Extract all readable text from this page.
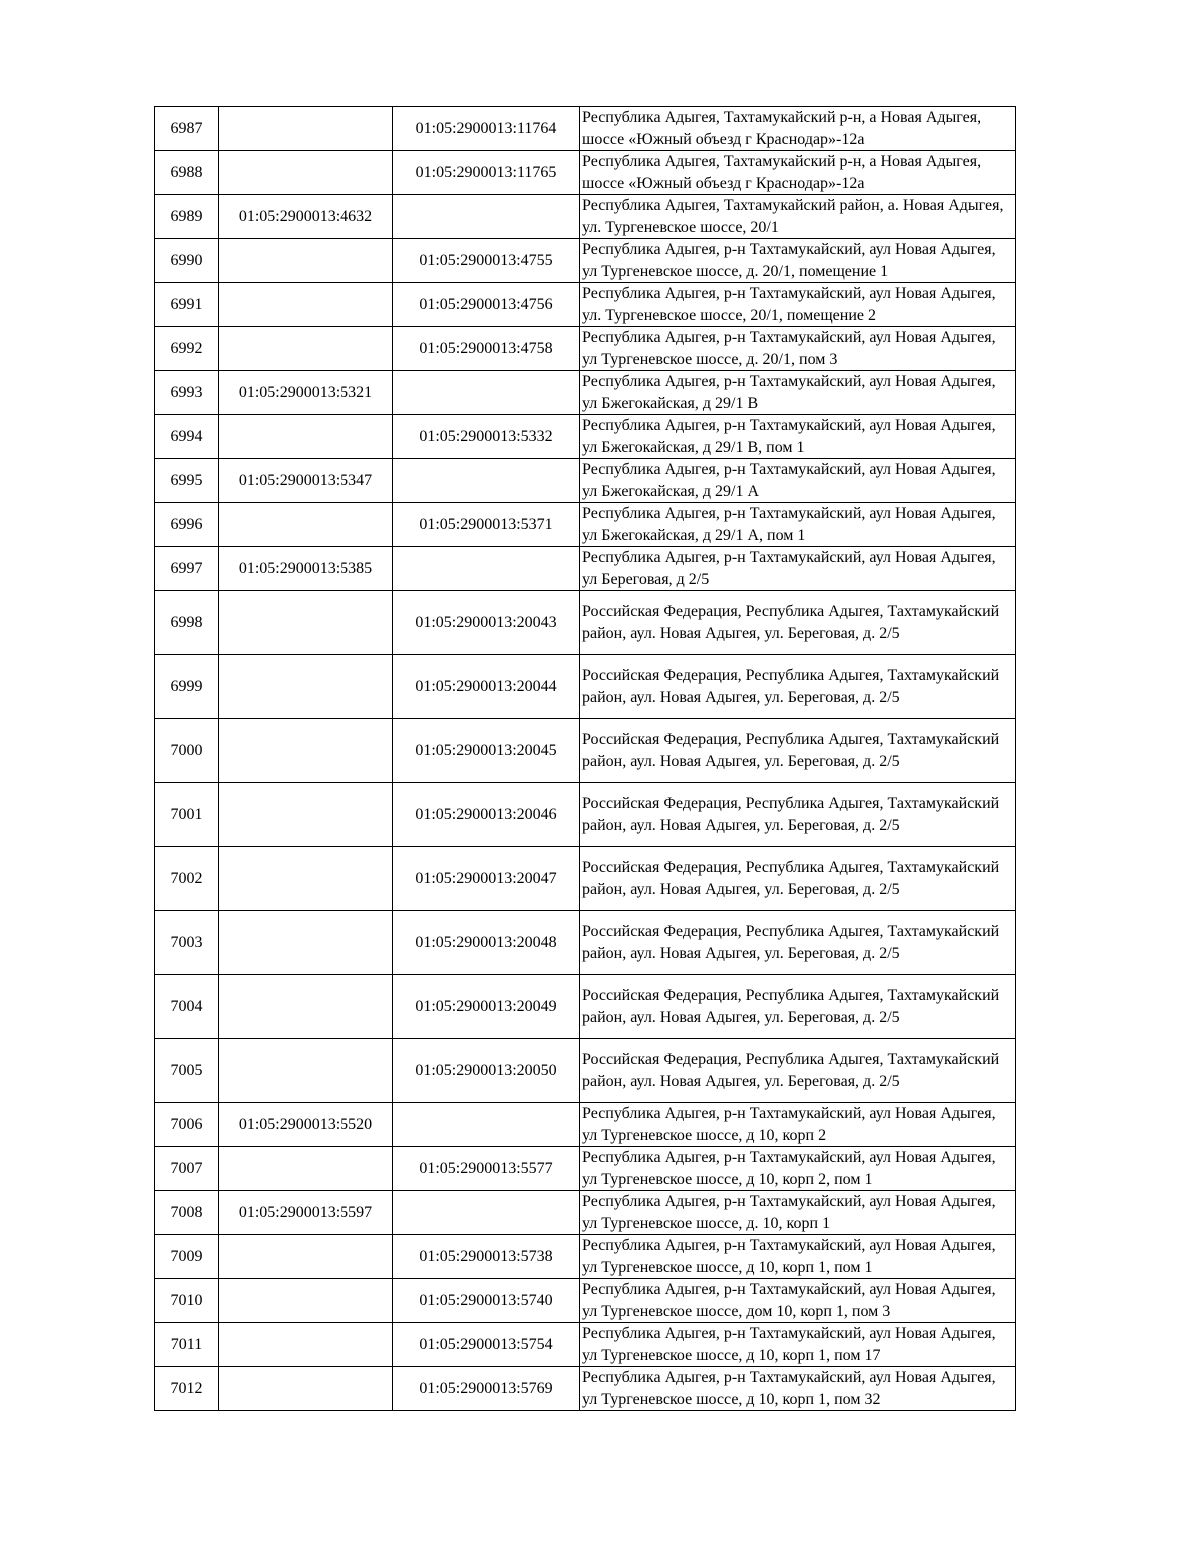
6987		01:05:2900013:11764	Республика Адыгея, Тахтамукайский р-н, а Новая Адыгея, шоссе «Южный объезд г Краснодар»-12а
6988		01:05:2900013:11765	Республика Адыгея, Тахтамукайский р-н, а Новая Адыгея, шоссе «Южный объезд г Краснодар»-12а
6989	01:05:2900013:4632		Республика Адыгея, Тахтамукайский район, а. Новая Адыгея, ул. Тургеневское шоссе, 20/1
6990		01:05:2900013:4755	Республика Адыгея, р-н Тахтамукайский, аул Новая Адыгея, ул Тургеневское шоссе, д. 20/1, помещение 1
6991		01:05:2900013:4756	Республика Адыгея, р-н Тахтамукайский, аул Новая Адыгея, ул. Тургеневское шоссе, 20/1, помещение 2
6992		01:05:2900013:4758	Республика Адыгея, р-н Тахтамукайский, аул Новая Адыгея, ул Тургеневское шоссе, д. 20/1, пом 3
6993	01:05:2900013:5321		Республика Адыгея, р-н Тахтамукайский, аул Новая Адыгея, ул Бжегокайская, д 29/1 В
6994		01:05:2900013:5332	Республика Адыгея, р-н Тахтамукайский, аул Новая Адыгея, ул Бжегокайская, д 29/1 В, пом 1
6995	01:05:2900013:5347		Республика Адыгея, р-н Тахтамукайский, аул Новая Адыгея, ул Бжегокайская, д 29/1 А
6996		01:05:2900013:5371	Республика Адыгея, р-н Тахтамукайский, аул Новая Адыгея, ул Бжегокайская, д 29/1 А, пом 1
6997	01:05:2900013:5385		Республика Адыгея, р-н Тахтамукайский, аул Новая Адыгея, ул Береговая, д 2/5
6998		01:05:2900013:20043	Российская Федерация, Республика Адыгея, Тахтамукайский район, аул. Новая Адыгея, ул. Береговая, д. 2/5
6999		01:05:2900013:20044	Российская Федерация, Республика Адыгея, Тахтамукайский район, аул. Новая Адыгея, ул. Береговая, д. 2/5
7000		01:05:2900013:20045	Российская Федерация, Республика Адыгея, Тахтамукайский район, аул. Новая Адыгея, ул. Береговая, д. 2/5
7001		01:05:2900013:20046	Российская Федерация, Республика Адыгея, Тахтамукайский район, аул. Новая Адыгея, ул. Береговая, д. 2/5
7002		01:05:2900013:20047	Российская Федерация, Республика Адыгея, Тахтамукайский район, аул. Новая Адыгея, ул. Береговая, д. 2/5
7003		01:05:2900013:20048	Российская Федерация, Республика Адыгея, Тахтамукайский район, аул. Новая Адыгея, ул. Береговая, д. 2/5
7004		01:05:2900013:20049	Российская Федерация, Республика Адыгея, Тахтамукайский район, аул. Новая Адыгея, ул. Береговая, д. 2/5
7005		01:05:2900013:20050	Российская Федерация, Республика Адыгея, Тахтамукайский район, аул. Новая Адыгея, ул. Береговая, д. 2/5
7006	01:05:2900013:5520		Республика Адыгея, р-н Тахтамукайский, аул Новая Адыгея, ул Тургеневское шоссе, д 10, корп 2
7007		01:05:2900013:5577	Республика Адыгея, р-н Тахтамукайский, аул Новая Адыгея, ул Тургеневское шоссе, д 10, корп 2, пом 1
7008	01:05:2900013:5597		Республика Адыгея, р-н Тахтамукайский, аул Новая Адыгея, ул Тургеневское шоссе, д. 10, корп 1
7009		01:05:2900013:5738	Республика Адыгея, р-н Тахтамукайский, аул Новая Адыгея, ул Тургеневское шоссе, д 10, корп 1, пом 1
7010		01:05:2900013:5740	Республика Адыгея, р-н Тахтамукайский, аул Новая Адыгея, ул Тургеневское шоссе, дом 10, корп 1, пом 3
7011		01:05:2900013:5754	Республика Адыгея, р-н Тахтамукайский, аул Новая Адыгея, ул Тургеневское шоссе, д 10, корп 1, пом 17
7012		01:05:2900013:5769	Республика Адыгея, р-н Тахтамукайский, аул Новая Адыгея, ул Тургеневское шоссе, д 10, корп 1, пом 32
